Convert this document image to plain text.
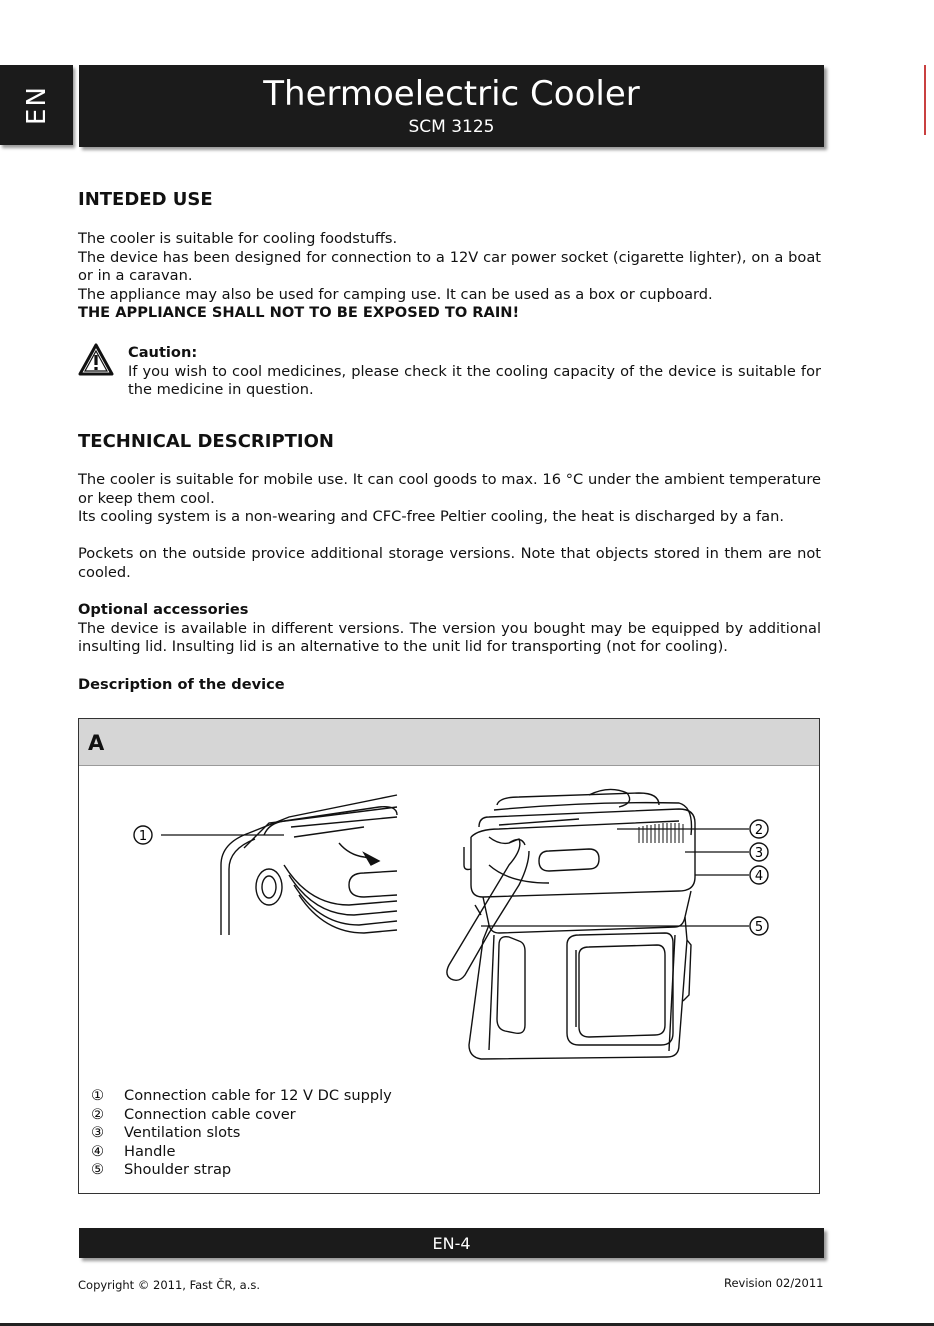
EN	Thermoelectric Cooler
SCM 3125
INTEDED USE

The cooler is suitable for cooling foodstuffs.

The device has been designed for connection to a 12V car power socket (cigarette lighter), on a boat or in a caravan.

The appliance may also be used for camping use. It can be used as a box or cupboard.

THE APPLIANCE SHALL NOT TO BE EXPOSED TO RAIN!

Caution:

If you wish to cool medicines, please check it the cooling capacity of the device is suitable for the medicine in question.

TECHNICAL DESCRIPTION

The cooler is suitable for mobile use. It can cool goods to max. 16 °C under the ambient temperature or keep them cool.

Its cooling system is a non-wearing and CFC-free Peltier cooling, the heat is discharged by a fan.

Pockets on the outside provice additional storage versions. Note that objects stored in them are not cooled.

Optional accessories

The device is available in different versions. The version you bought may be equipped by additional insulting lid. Insulting lid is an alternative to the unit lid for transporting (not for cooling).

Description of the device

A
1	2
3
4
5
①	Connection cable for 12 V DC supply
②	Connection cable cover
③	Ventilation slots
④	Handle
⑤	Shoulder strap
EN-4
Copyright © 2011, Fast ČR, a.s.	Revision 02/2011
